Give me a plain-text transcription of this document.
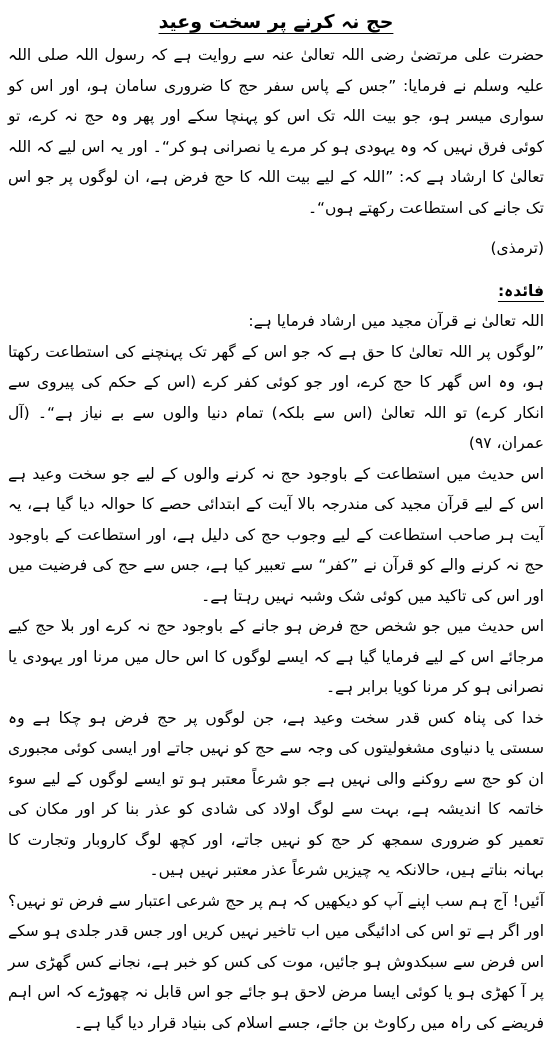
حج نہ کرنے پر سخت وعید

حضرت علی مرتضیٰ رضی اللہ تعالیٰ عنہ سے روایت ہے کہ رسول اللہ صلی اللہ علیہ وسلم نے فرمایا: ”جس کے پاس سفر حج کا ضروری سامان ہو، اور اس کو سواری میسر ہو، جو بیت اللہ تک اس کو پہنچا سکے اور پھر وہ حج نہ کرے، تو کوئی فرق نہیں کہ وہ یہودی ہو کر مرے یا نصرانی ہو کر“۔ اور یہ اس لیے کہ اللہ تعالیٰ کا ارشاد ہے کہ: ”اللہ کے لیے بیت اللہ کا حج فرض ہے، ان لوگوں پر جو اس تک جانے کی استطاعت رکھتے ہوں“۔

(ترمذی)

فائدہ:

اللہ تعالیٰ نے قرآن مجید میں ارشاد فرمایا ہے:

”لوگوں پر اللہ تعالیٰ کا حق ہے کہ جو اس کے گھر تک پہنچنے کی استطاعت رکھتا ہو، وہ اس گھر کا حج کرے، اور جو کوئی کفر کرے (اس کے حکم کی پیروی سے انکار کرے) تو اللہ تعالیٰ (اس سے بلکہ) تمام دنیا والوں سے بے نیاز ہے“۔ (آل عمران، ۹۷)

اس حدیث میں استطاعت کے باوجود حج نہ کرنے والوں کے لیے جو سخت وعید ہے اس کے لیے قرآن مجید کی مندرجہ بالا آیت کے ابتدائی حصے کا حوالہ دیا گیا ہے، یہ آیت ہر صاحب استطاعت کے لیے وجوب حج کی دلیل ہے، اور استطاعت کے باوجود حج نہ کرنے والے کو قرآن نے ”کفر“ سے تعبیر کیا ہے، جس سے حج کی فرضیت میں اور اس کی تاکید میں کوئی شک وشبہ نہیں رہتا ہے۔

اس حدیث میں جو شخص حج فرض ہو جانے کے باوجود حج نہ کرے اور بلا حج کیے مرجائے اس کے لیے فرمایا گیا ہے کہ ایسے لوگوں کا اس حال میں مرنا اور یہودی یا نصرانی ہو کر مرنا کویا برابر ہے۔

خدا کی پناہ کس قدر سخت وعید ہے، جن لوگوں پر حج فرض ہو چکا ہے وہ سستی یا دنیاوی مشغولیتوں کی وجہ سے حج کو نہیں جاتے اور ایسی کوئی مجبوری ان کو حج سے روکنے والی نہیں ہے جو شرعاً معتبر ہو تو ایسے لوگوں کے لیے سوء خاتمہ کا اندیشہ ہے، بہت سے لوگ اولاد کی شادی کو عذر بنا کر اور مکان کی تعمیر کو ضروری سمجھ کر حج کو نہیں جاتے، اور کچھ لوگ کاروبار وتجارت کا بہانہ بناتے ہیں، حالانکہ یہ چیزیں شرعاً عذر معتبر نہیں ہیں۔

آئیں! آج ہم سب اپنے آپ کو دیکھیں کہ ہم پر حج شرعی اعتبار سے فرض تو نہیں؟ اور اگر ہے تو اس کی ادائیگی میں اب تاخیر نہیں کریں اور جس قدر جلدی ہو سکے اس فرض سے سبکدوش ہو جائیں، موت کی کس کو خبر ہے، نجانے کس گھڑی سر پر آ کھڑی ہو یا کوئی ایسا مرض لاحق ہو جائے جو اس قابل نہ چھوڑے کہ اس اہم فریضے کی راہ میں رکاوٹ بن جائے، جسے اسلام کی بنیاد قرار دیا گیا ہے۔
